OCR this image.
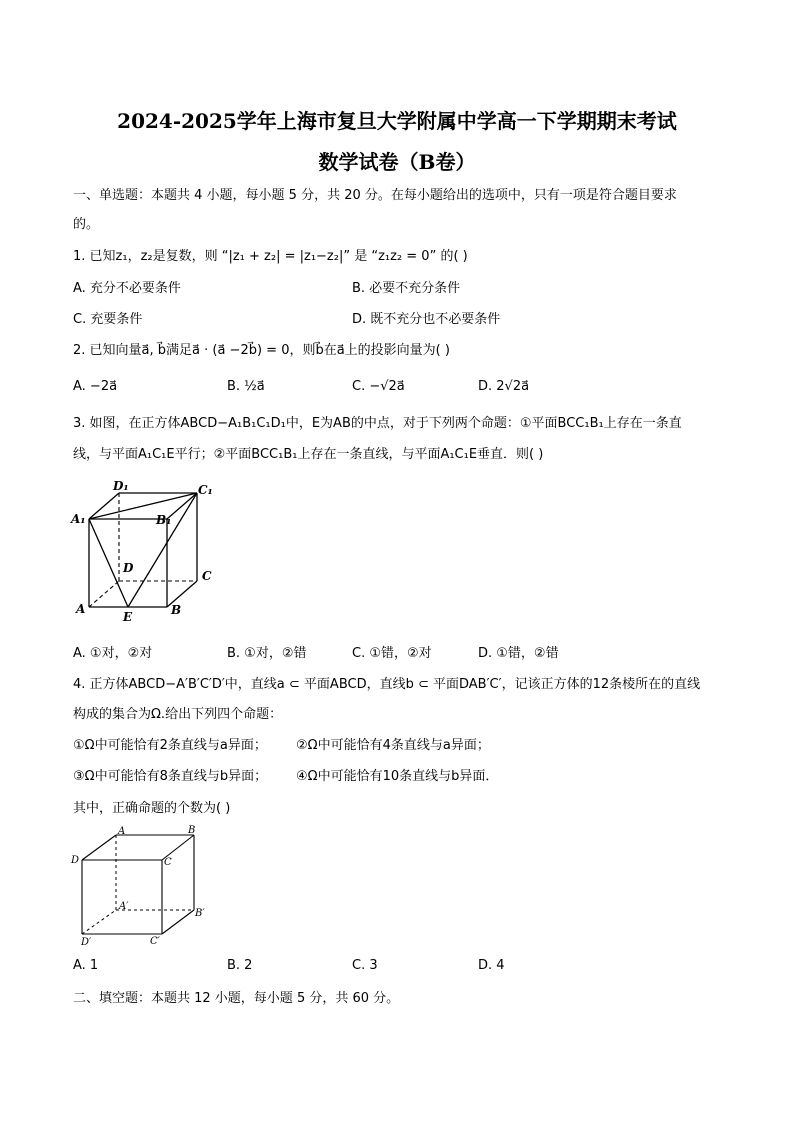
2024-2025学年上海市复旦大学附属中学高一下学期期末考试
数学试卷（B卷）
一、单选题：本题共 4 小题，每小题 5 分，共 20 分。在每小题给出的选项中，只有一项是符合题目要求
的。
1. 已知z₁，z₂是复数，则 “|z₁ + z₂| = |z₁−z₂|” 是 “z₁z₂ = 0” 的( )
A. 充分不必要条件	B. 必要不充分条件
C. 充要条件	D. 既不充分也不必要条件
2. 已知向量a⃗, b⃗满足a⃗ · (a⃗ −2b⃗) = 0，则b⃗在a⃗上的投影向量为( )
A. −2a⃗	B. ½a⃗	C. −√2a⃗	D. 2√2a⃗
3. 如图，在正方体ABCD−A₁B₁C₁D₁中，E为AB的中点，对于下列两个命题：①平面BCC₁B₁上存在一条直
线，与平面A₁C₁E平行；②平面BCC₁B₁上存在一条直线，与平面A₁C₁E垂直．则( )
D₁	C₁
A₁	B₁
D
C
A
E	B
A. ①对，②对	B. ①对，②错	C. ①错，②对	D. ①错，②错
4. 正方体ABCD−A′B′C′D′中，直线a ⊂ 平面ABCD，直线b ⊂ 平面DAB′C′，记该正方体的12条棱所在的直线
构成的集合为Ω.给出下列四个命题：
①Ω中可能恰有2条直线与a异面； ②Ω中可能恰有4条直线与a异面；
③Ω中可能恰有8条直线与b异面； ④Ω中可能恰有10条直线与b异面．
其中，正确命题的个数为( )
A	B
D	C
A′
B′
D′	C′
A. 1	B. 2	C. 3	D. 4
二、填空题：本题共 12 小题，每小题 5 分，共 60 分。
